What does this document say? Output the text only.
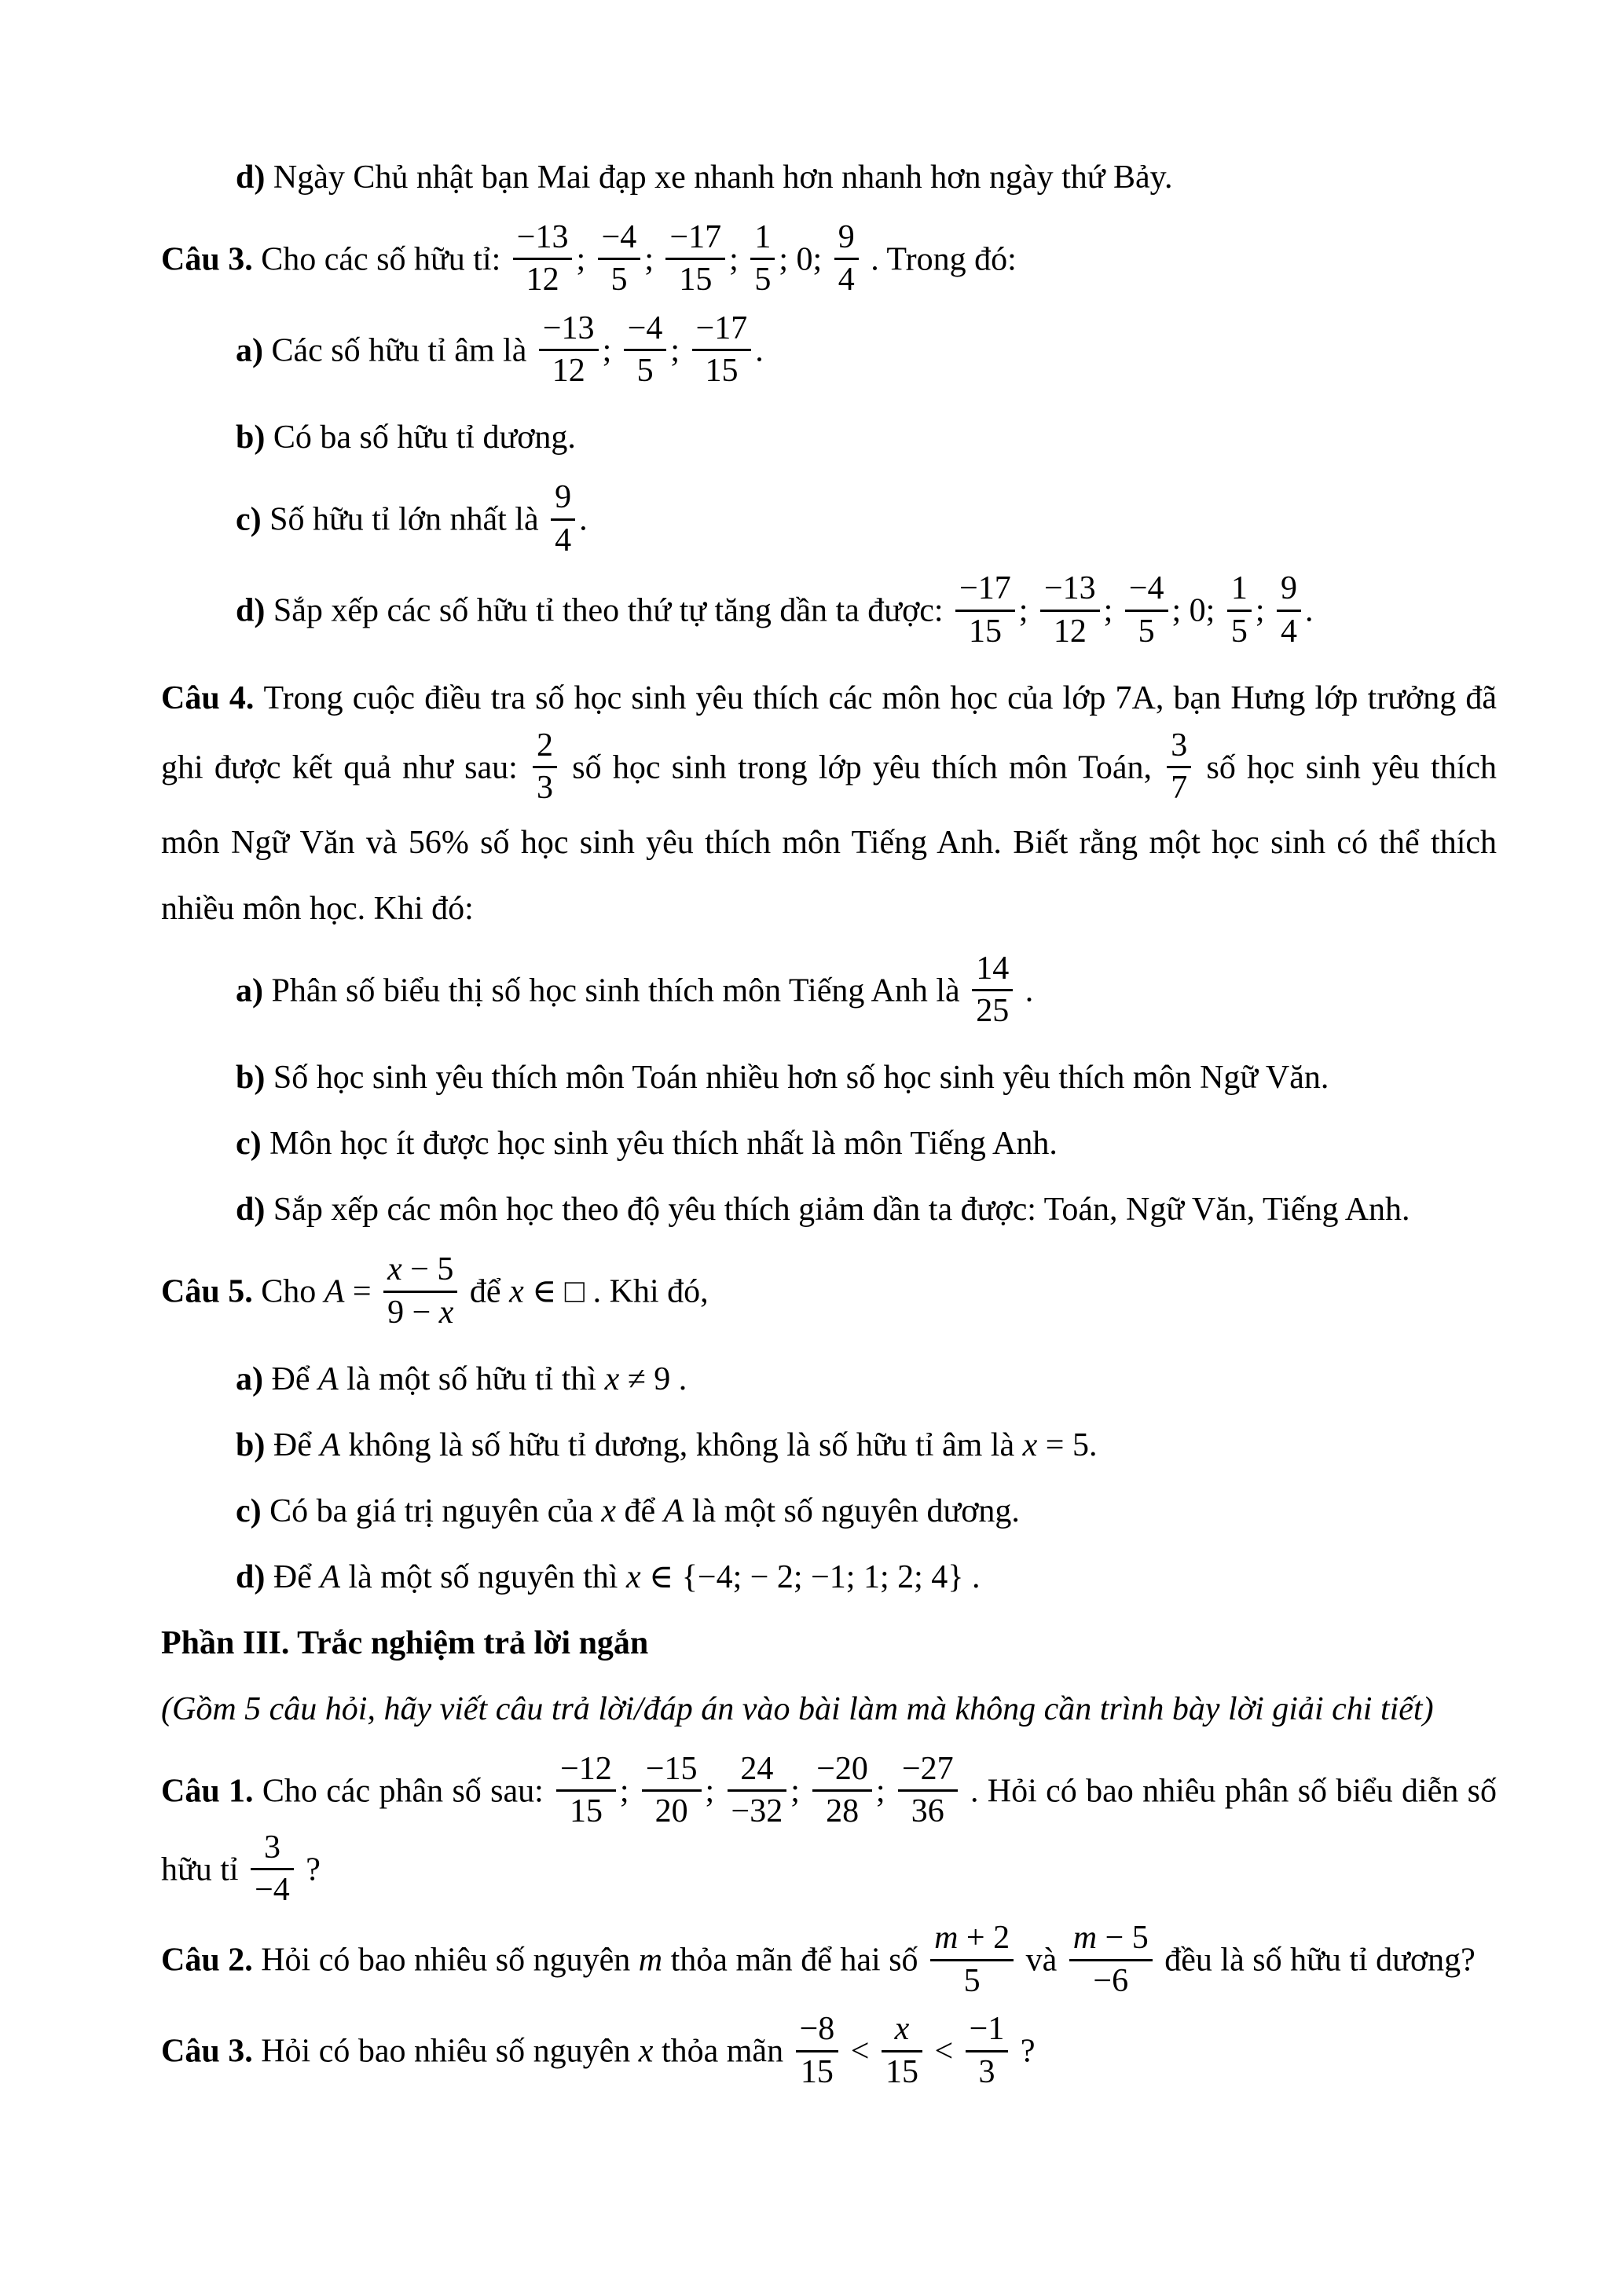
d) Ngày Chủ nhật bạn Mai đạp xe nhanh hơn nhanh hơn ngày thứ Bảy.
Câu 3. Cho các số hữu tỉ: $\frac{-13}{12}$ ; $\frac{-4}{5}$ ; $\frac{-17}{15}$ ; $\frac{1}{5}$ ; 0; $\frac{9}{4}$ . Trong đó:
a) Các số hữu tỉ âm là $\frac{-13}{12}$ ; $\frac{-4}{5}$ ; $\frac{-17}{15}$ .
b) Có ba số hữu tỉ dương.
c) Số hữu tỉ lớn nhất là $\frac{9}{4}$ .
d) Sắp xếp các số hữu tỉ theo thứ tự tăng dần ta được: $\frac{-17}{15}$ ; $\frac{-13}{12}$ ; $\frac{-4}{5}$ ; 0; $\frac{1}{5}$ ; $\frac{9}{4}$ .
Câu 4. Trong cuộc điều tra số học sinh yêu thích các môn học của lớp 7A, bạn Hưng lớp trưởng đã ghi được kết quả như sau: $\frac{2}{3}$ số học sinh trong lớp yêu thích môn Toán, $\frac{3}{7}$ số học sinh yêu thích môn Ngữ Văn và 56% số học sinh yêu thích môn Tiếng Anh. Biết rằng một học sinh có thể thích nhiều môn học. Khi đó:
a) Phân số biểu thị số học sinh thích môn Tiếng Anh là $\frac{14}{25}$ .
b) Số học sinh yêu thích môn Toán nhiều hơn số học sinh yêu thích môn Ngữ Văn.
c) Môn học ít được học sinh yêu thích nhất là môn Tiếng Anh.
d) Sắp xếp các môn học theo độ yêu thích giảm dần ta được: Toán, Ngữ Văn, Tiếng Anh.
Câu 5. Cho $A = \frac{x - 5}{9 - x}$ để x ∈ □ . Khi đó,
a) Để A là một số hữu tỉ thì x ≠ 9 .
b) Để A không là số hữu tỉ dương, không là số hữu tỉ âm là x = 5.
c) Có ba giá trị nguyên của x để A là một số nguyên dương.
d) Để A là một số nguyên thì x ∈ {−4; − 2; −1; 1; 2; 4} .
Phần III. Trắc nghiệm trả lời ngắn
(Gồm 5 câu hỏi, hãy viết câu trả lời/đáp án vào bài làm mà không cần trình bày lời giải chi tiết)
Câu 1. Cho các phân số sau: $\frac{-12}{15}$ ; $\frac{-15}{20}$ ; $\frac{24}{-32}$ ; $\frac{-20}{28}$ ; $\frac{-27}{36}$ . Hỏi có bao nhiêu phân số biểu diễn số hữu tỉ $\frac{3}{-4}$ ?
Câu 2. Hỏi có bao nhiêu số nguyên m thỏa mãn để hai số $\frac{m + 2}{5}$ và $\frac{m - 5}{-6}$ đều là số hữu tỉ dương?
Câu 3. Hỏi có bao nhiêu số nguyên x thỏa mãn $\frac{-8}{15} < \frac{x}{15} < \frac{-1}{3}$ ?
